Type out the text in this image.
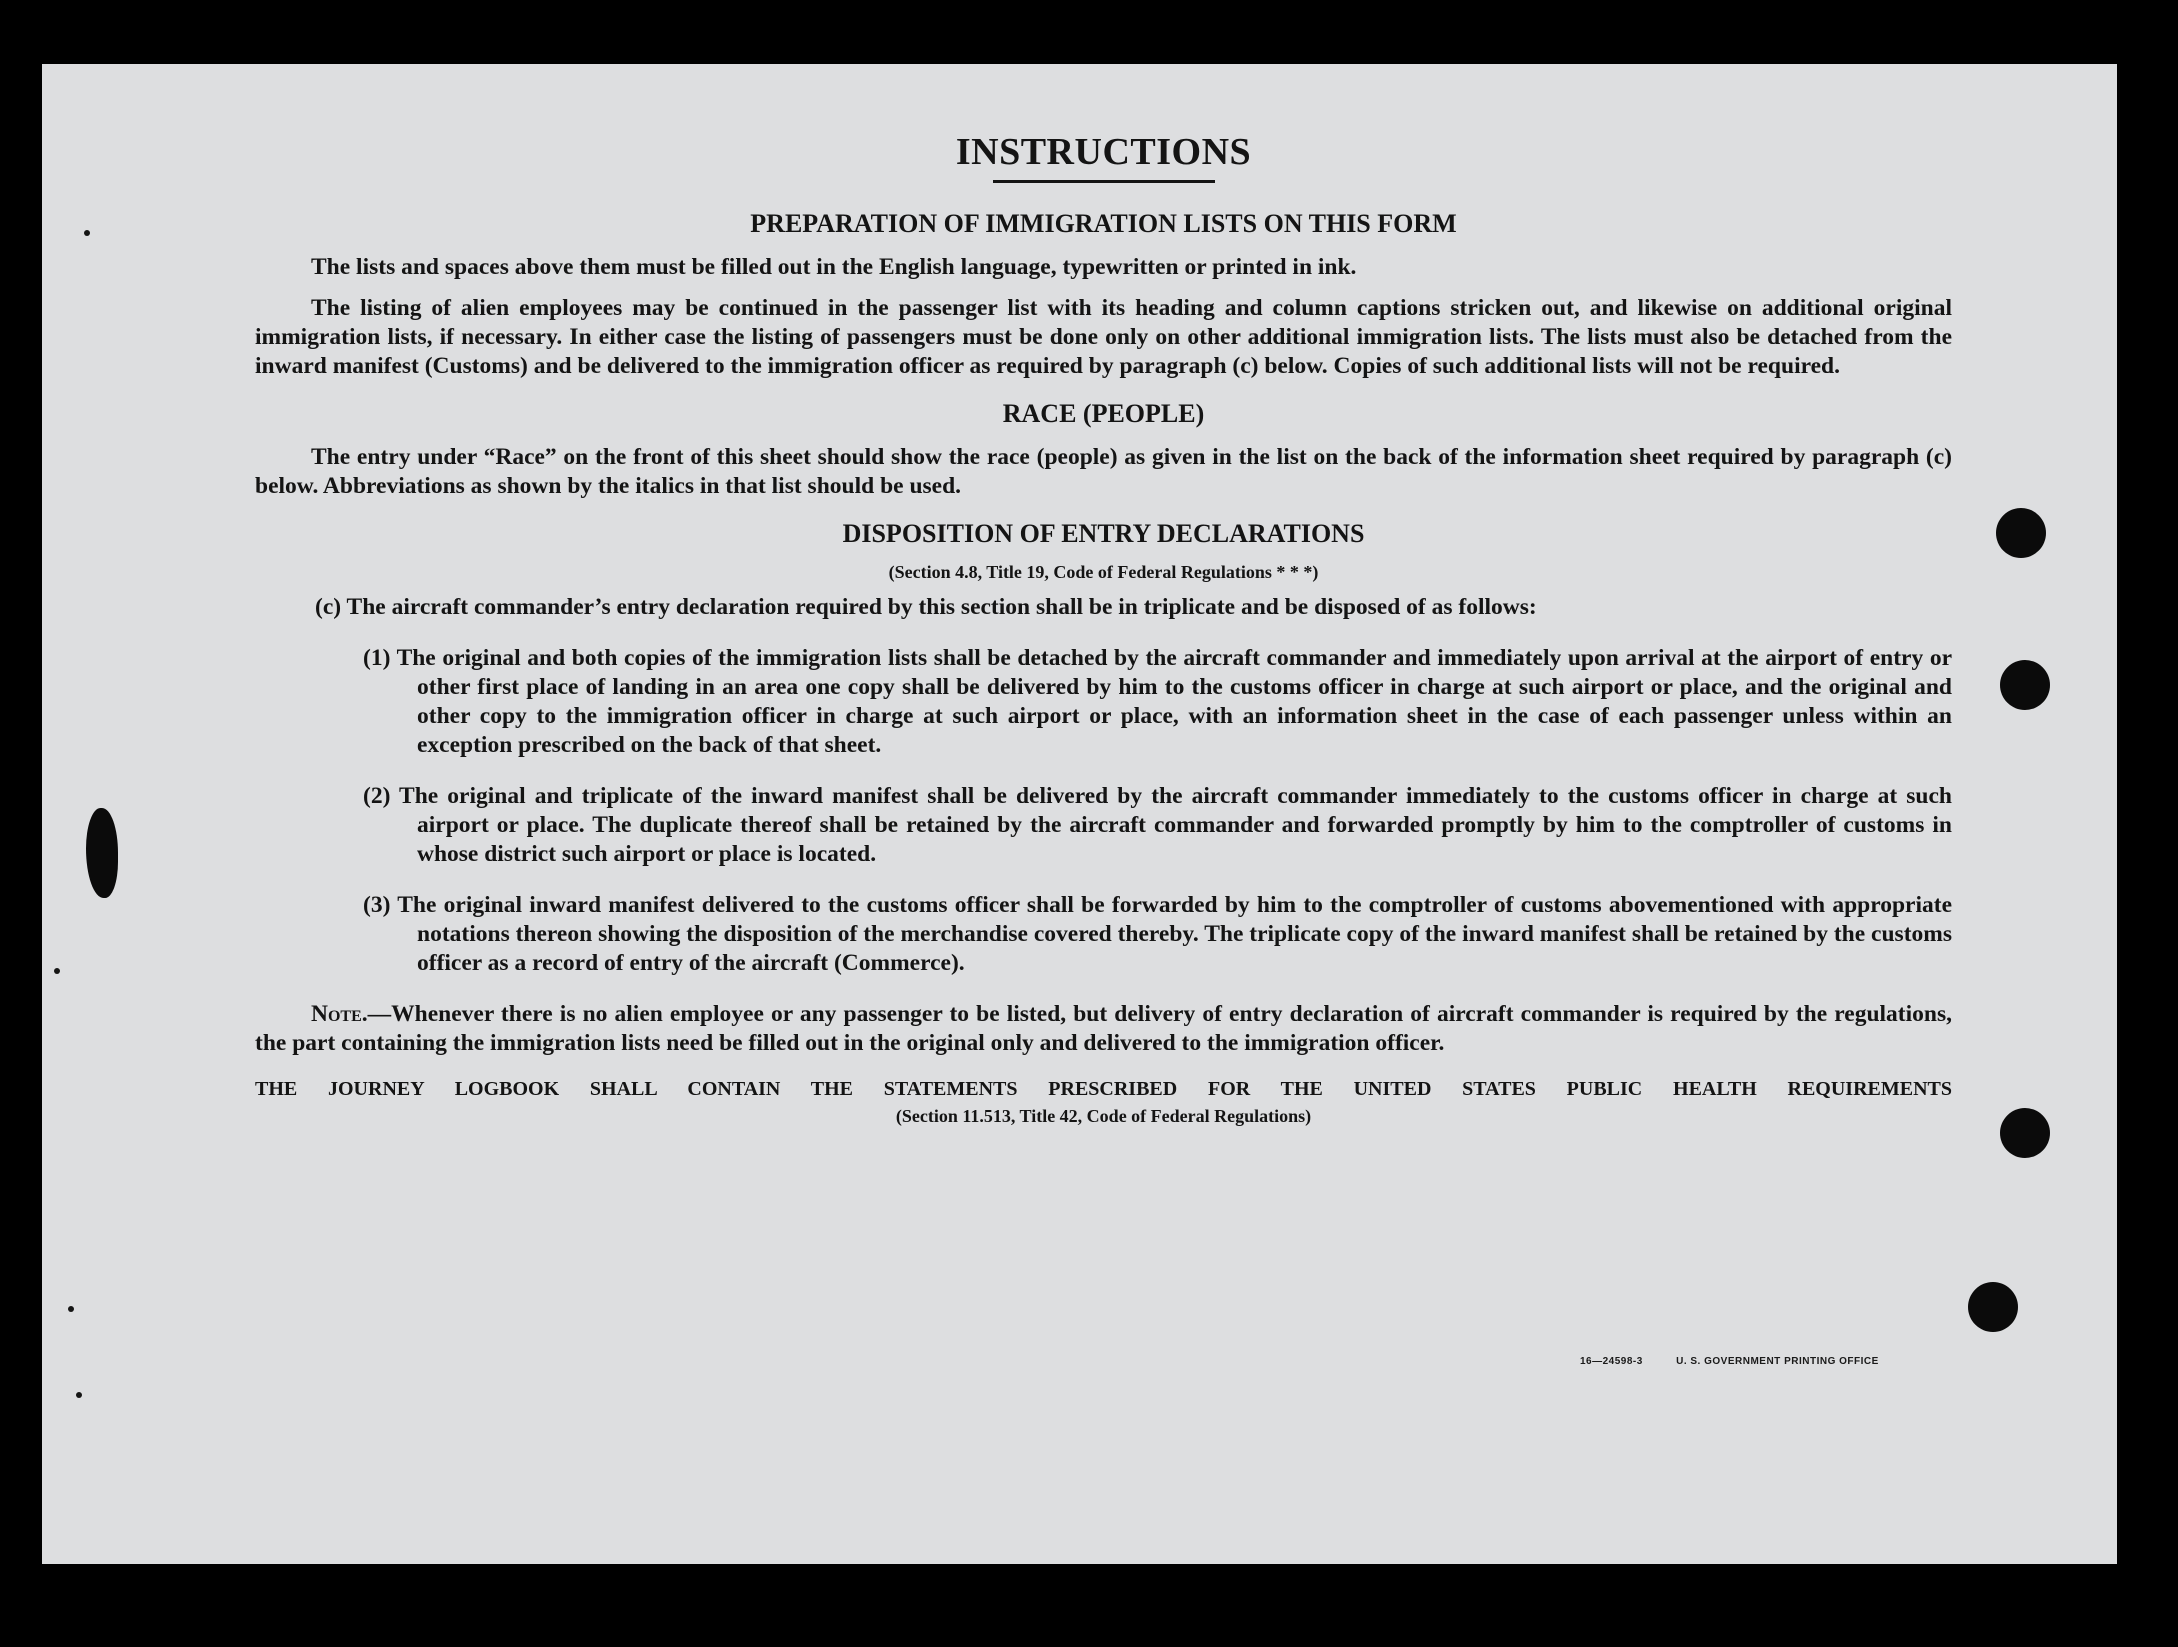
INSTRUCTIONS
PREPARATION OF IMMIGRATION LISTS ON THIS FORM

The lists and spaces above them must be filled out in the English language, typewritten or printed in ink.

The listing of alien employees may be continued in the passenger list with its heading and column captions stricken out, and likewise on additional original immigration lists, if necessary. In either case the listing of passengers must be done only on other additional immigration lists. The lists must also be detached from the inward manifest (Customs) and be delivered to the immigration officer as required by paragraph (c) below. Copies of such additional lists will not be required.

RACE (PEOPLE)

The entry under “Race” on the front of this sheet should show the race (people) as given in the list on the back of the information sheet required by paragraph (c) below. Abbreviations as shown by the italics in that list should be used.

DISPOSITION OF ENTRY DECLARATIONS
(Section 4.8, Title 19, Code of Federal Regulations * * *)

(c) The aircraft commander’s entry declaration required by this section shall be in triplicate and be disposed of as follows:

(1) The original and both copies of the immigration lists shall be detached by the aircraft commander and immediately upon arrival at the airport of entry or other first place of landing in an area one copy shall be delivered by him to the customs officer in charge at such airport or place, and the original and other copy to the immigration officer in charge at such airport or place, with an information sheet in the case of each passenger unless within an exception prescribed on the back of that sheet.

(2) The original and triplicate of the inward manifest shall be delivered by the aircraft commander immediately to the customs officer in charge at such airport or place. The duplicate thereof shall be retained by the aircraft commander and forwarded promptly by him to the comptroller of customs in whose district such airport or place is located.

(3) The original inward manifest delivered to the customs officer shall be forwarded by him to the comptroller of customs abovementioned with appropriate notations thereon showing the disposition of the merchandise covered thereby. The triplicate copy of the inward manifest shall be retained by the customs officer as a record of entry of the aircraft (Commerce).

Note.—Whenever there is no alien employee or any passenger to be listed, but delivery of entry declaration of aircraft commander is required by the regulations, the part containing the immigration lists need be filled out in the original only and delivered to the immigration officer.

THE JOURNEY LOGBOOK SHALL CONTAIN THE STATEMENTS PRESCRIBED FOR THE UNITED STATES PUBLIC HEALTH REQUIREMENTS
(Section 11.513, Title 42, Code of Federal Regulations)
16—24598-3	U. S. GOVERNMENT PRINTING OFFICE
